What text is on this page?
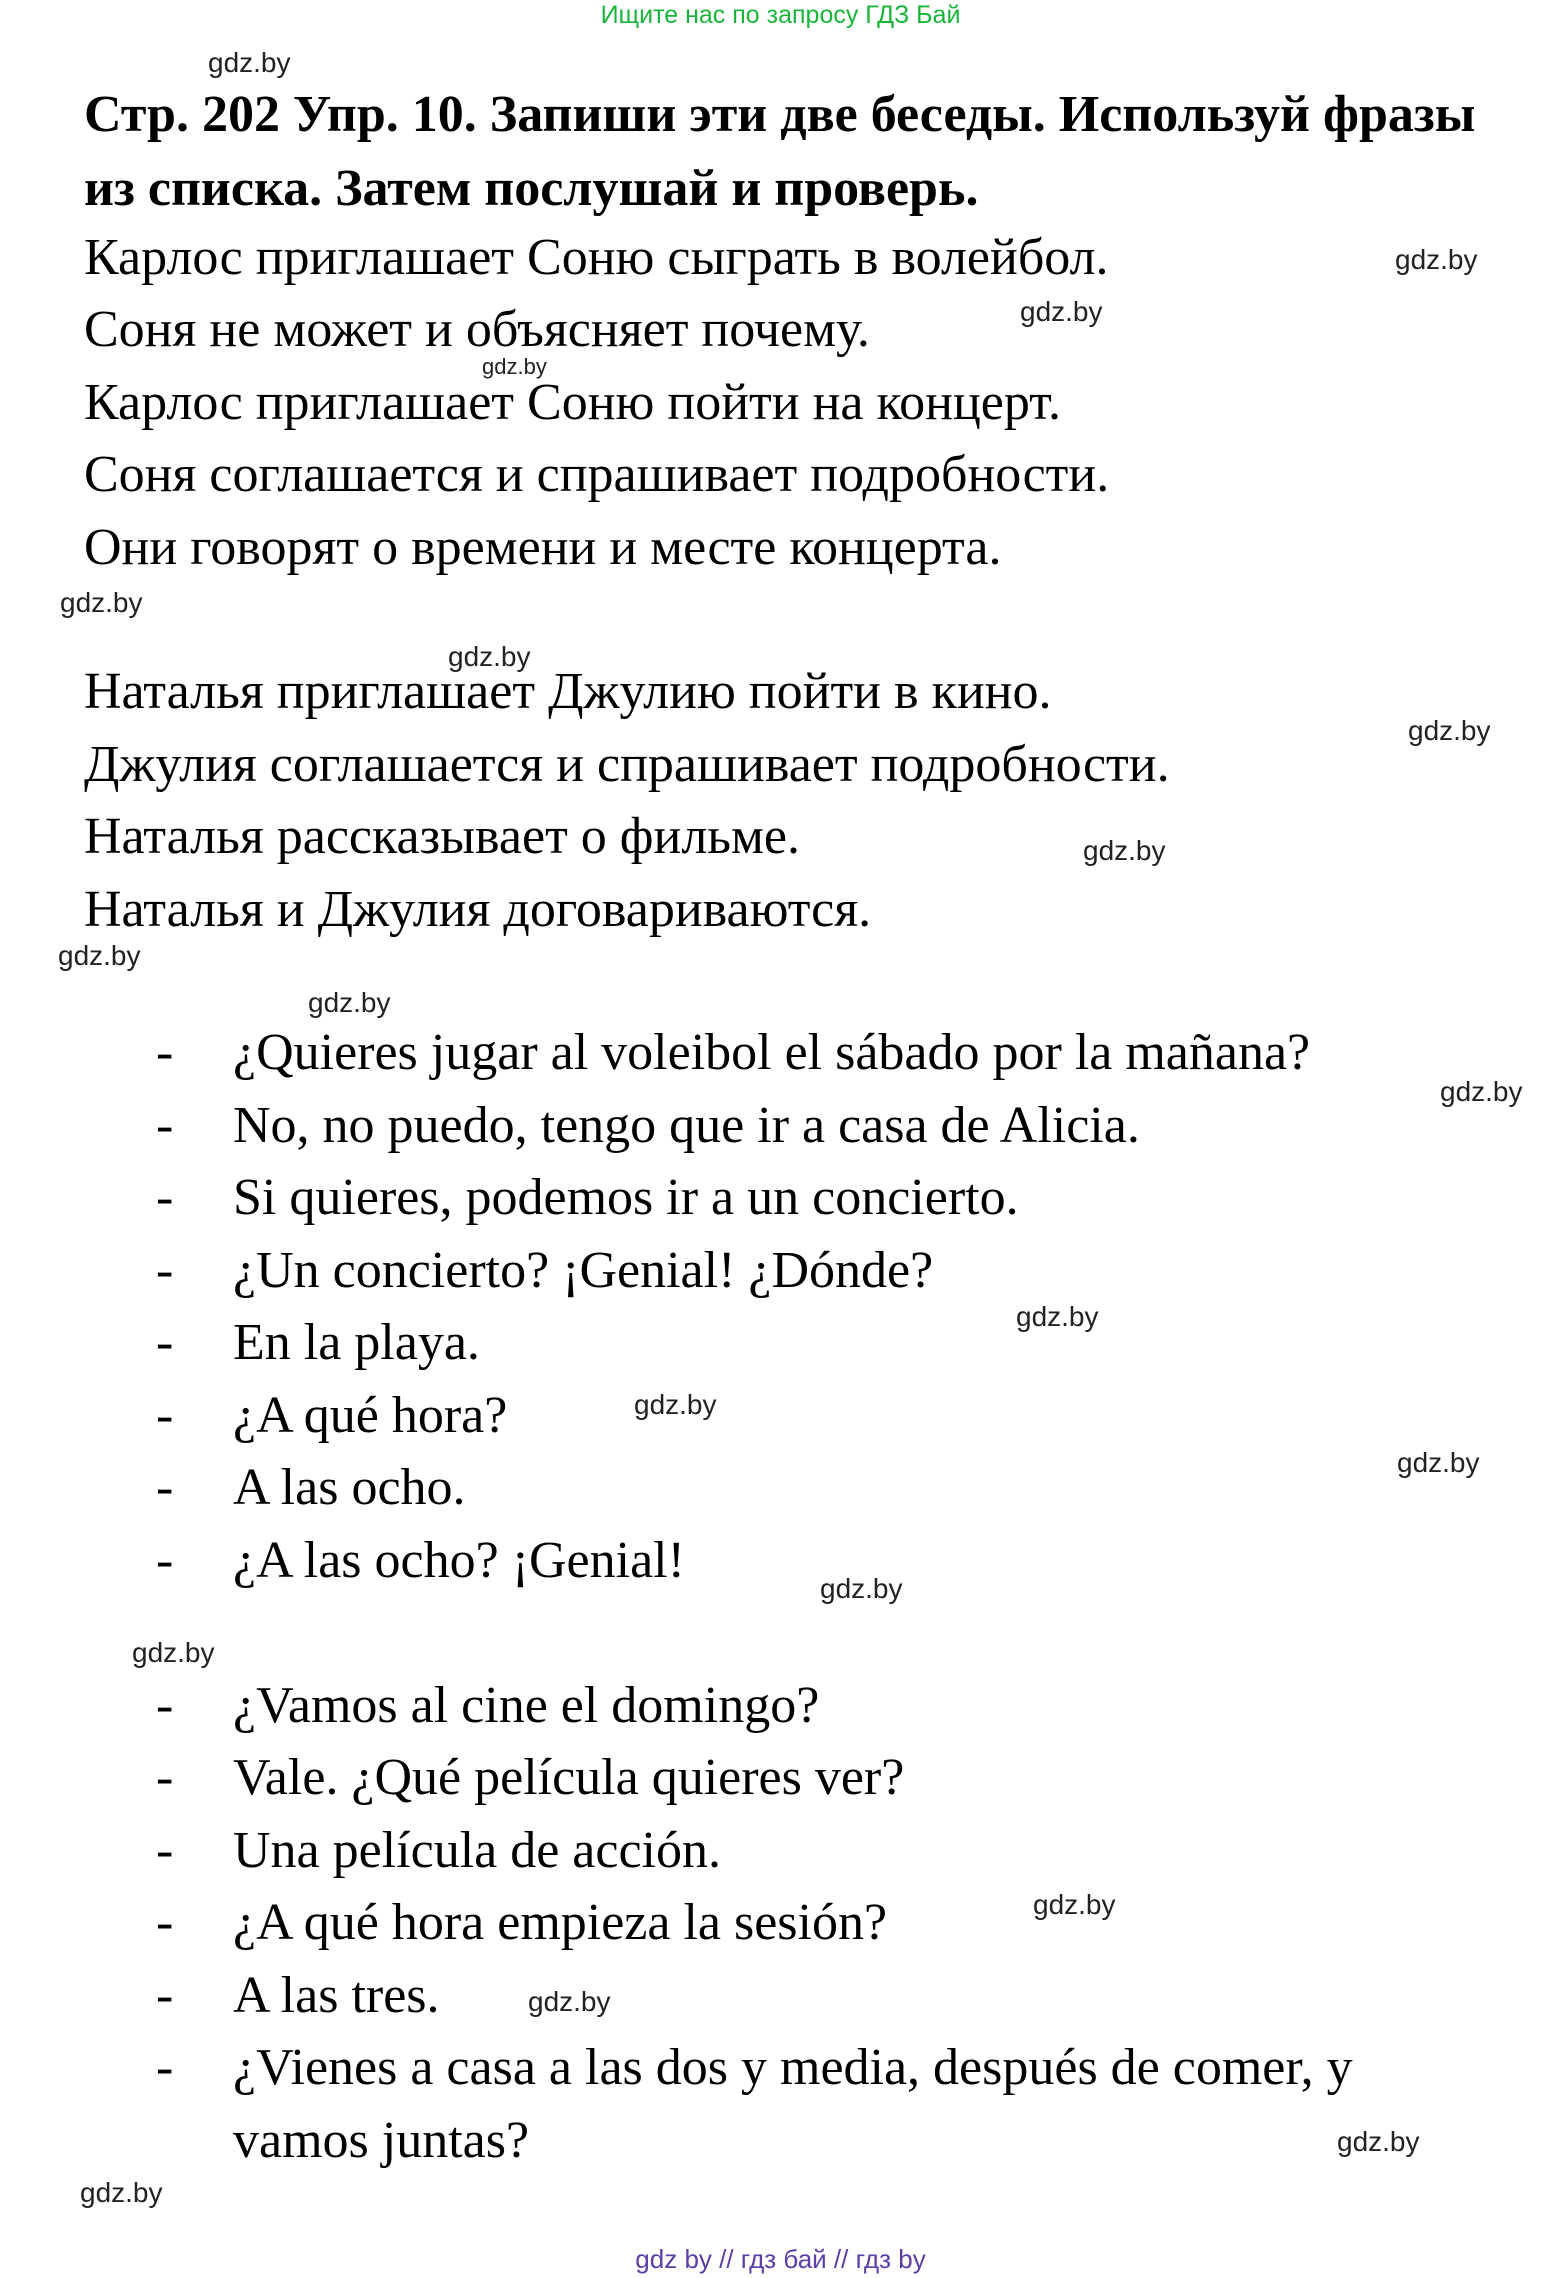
Ищите нас по запросу ГДЗ Бай
gdz.by
gdz.by
gdz.by
gdz.by
gdz.by
gdz.by
gdz.by
gdz.by
gdz.by
gdz.by
gdz.by
gdz.by
gdz.by
gdz.by
gdz.by
gdz.by
gdz.by
gdz.by
gdz.by
gdz.by
Стр. 202 Упр. 10. Запиши эти две беседы. Используй фразы из списка. Затем послушай и проверь.
Карлос приглашает Соню сыграть в волейбол.
Соня не может и объясняет почему.
Карлос приглашает Соню пойти на концерт.
Соня соглашается и спрашивает подробности.
Они говорят о времени и месте концерта.
Наталья приглашает Джулию пойти в кино.
Джулия соглашается и спрашивает подробности.
Наталья рассказывает о фильме.
Наталья и Джулия договариваются.
- ¿Quieres jugar al voleibol el sábado por la mañana?
- No, no puedo, tengo que ir a casa de Alicia.
- Si quieres, podemos ir a un concierto.
- ¿Un concierto? ¡Genial! ¿Dónde?
- En la playa.
- ¿A qué hora?
- A las ocho.
- ¿A las ocho? ¡Genial!
- ¿Vamos al cine el domingo?
- Vale. ¿Qué película quieres ver?
- Una película de acción.
- ¿A qué hora empieza la sesión?
- A las tres.
- ¿Vienes a casa a las dos y media, después de comer, y
vamos juntas?
gdz by // гдз бай // гдз by
